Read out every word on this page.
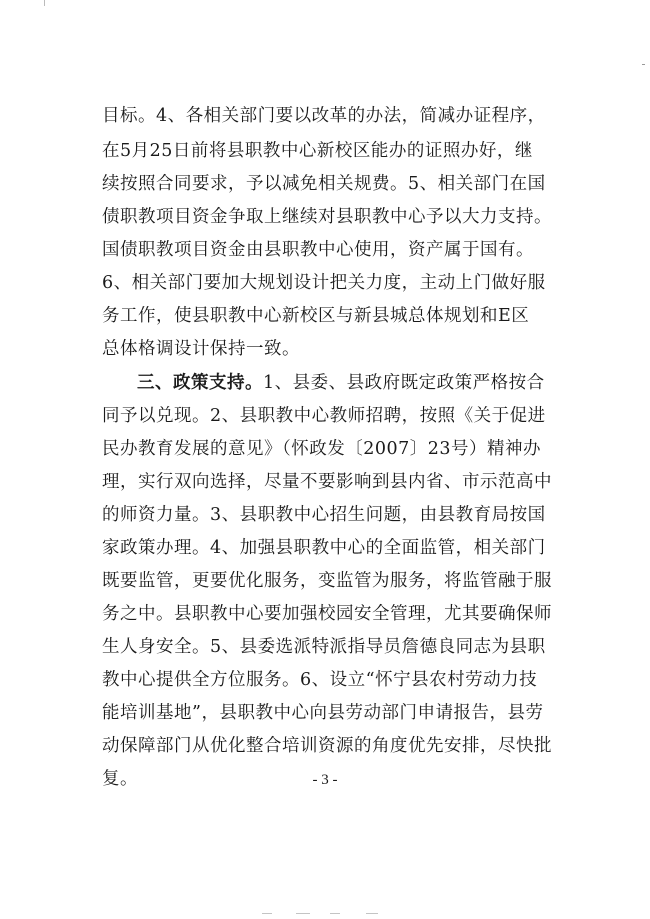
目标。4、各相关部门要以改革的办法，简减办证程序，
在5月25日前将县职教中心新校区能办的证照办好，继
续按照合同要求，予以减免相关规费。5、相关部门在国
债职教项目资金争取上继续对县职教中心予以大力支持。
国债职教项目资金由县职教中心使用，资产属于国有。
6、相关部门要加大规划设计把关力度，主动上门做好服
务工作，使县职教中心新校区与新县城总体规划和E区
总体格调设计保持一致。
三、政策支持。1、县委、县政府既定政策严格按合
同予以兑现。2、县职教中心教师招聘，按照《关于促进
民办教育发展的意见》（怀政发〔2007〕23号）精神办
理，实行双向选择，尽量不要影响到县内省、市示范高中
的师资力量。3、县职教中心招生问题，由县教育局按国
家政策办理。4、加强县职教中心的全面监管，相关部门
既要监管，更要优化服务，变监管为服务，将监管融于服
务之中。县职教中心要加强校园安全管理，尤其要确保师
生人身安全。5、县委选派特派指导员詹德良同志为县职
教中心提供全方位服务。6、设立“怀宁县农村劳动力技
能培训基地”，县职教中心向县劳动部门申请报告，县劳
动保障部门从优化整合培训资源的角度优先安排，尽快批
复。	- 3 -
